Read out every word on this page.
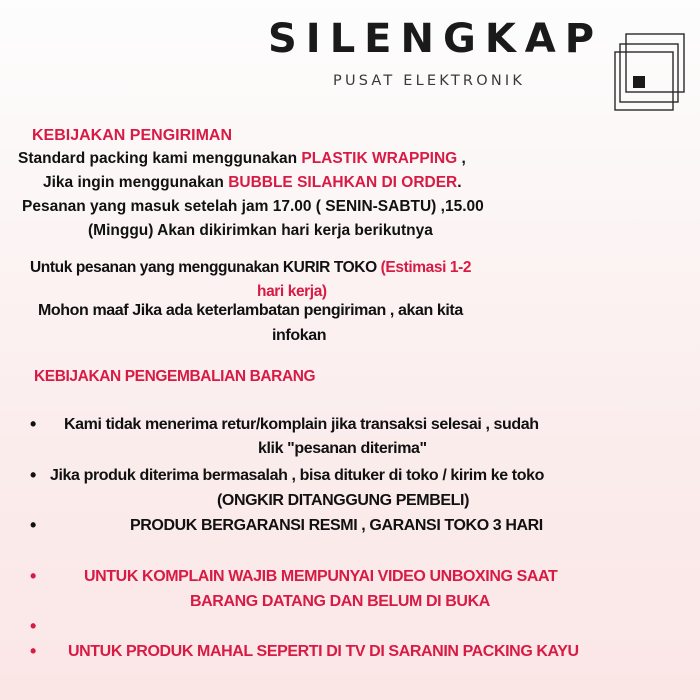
SILENGKAP
PUSAT ELEKTRONIK
KEBIJAKAN PENGIRIMAN
Standard packing kami menggunakan PLASTIK WRAPPING ,
Jika ingin menggunakan BUBBLE SILAHKAN DI ORDER.
Pesanan yang masuk setelah jam 17.00 ( SENIN-SABTU) ,15.00
(Minggu) Akan dikirimkan hari kerja berikutnya
Untuk pesanan yang menggunakan KURIR TOKO (Estimasi 1-2
hari kerja)
Mohon maaf Jika ada keterlambatan pengiriman , akan kita
infokan
KEBIJAKAN PENGEMBALIAN BARANG
• Kami tidak menerima retur/komplain jika transaksi selesai , sudah
klik "pesanan diterima"
• Jika produk diterima bermasalah , bisa dituker di toko / kirim ke toko
(ONGKIR DITANGGUNG PEMBELI)
•	PRODUK BERGARANSI RESMI , GARANSI TOKO 3 HARI
•	UNTUK KOMPLAIN WAJIB MEMPUNYAI VIDEO UNBOXING SAAT
BARANG DATANG DAN BELUM DI BUKA
•
• UNTUK PRODUK MAHAL SEPERTI DI TV DI SARANIN PACKING KAYU
